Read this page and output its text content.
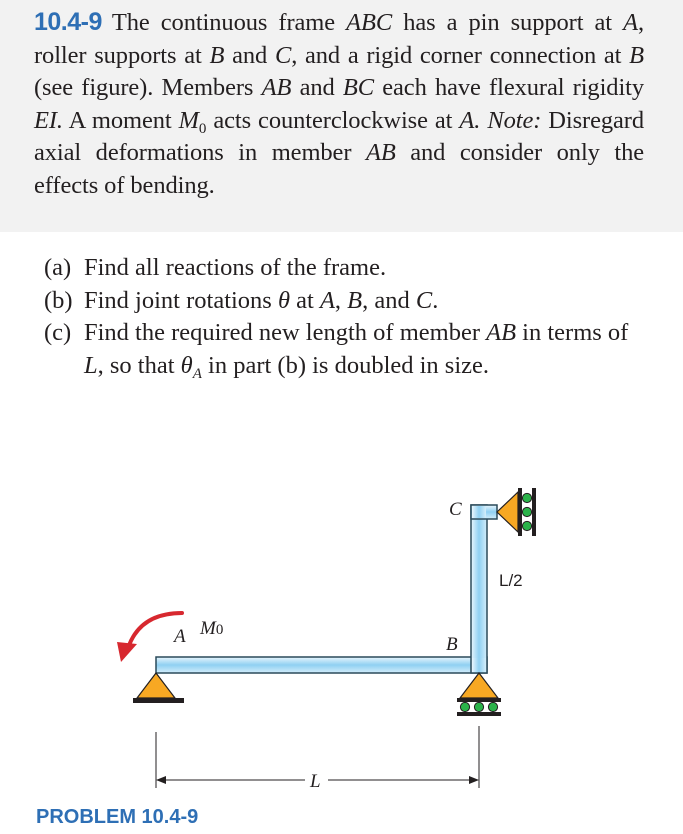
10.4-9 The continuous frame ABC has a pin support at A, roller supports at B and C, and a rigid corner connection at B (see figure). Members AB and BC each have flexural rigidity EI. A moment $M_0$ acts counterclockwise at A. Note: Disregard axial deformations in member AB and consider only the effects of bending.
(a) Find all reactions of the frame.
(b) Find joint rotations θ at A, B, and C.
(c) Find the required new length of member AB in terms of L, so that $\theta_A$ in part (b) is doubled in size.
A M0
B
C
L/2
L
PROBLEM 10.4-9
